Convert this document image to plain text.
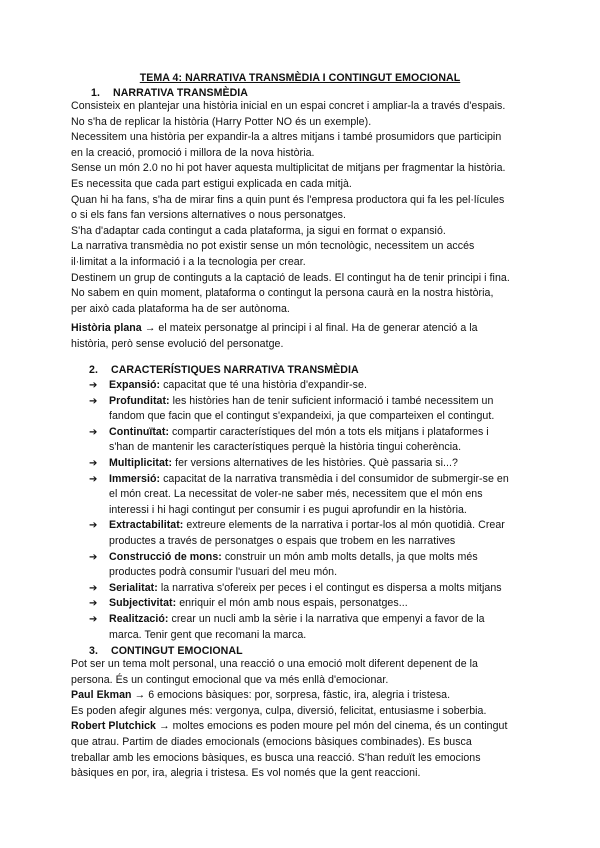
TEMA 4: NARRATIVA TRANSMÈDIA I CONTINGUT EMOCIONAL
1. NARRATIVA TRANSMÈDIA
Consisteix en plantejar una història inicial en un espai concret i ampliar-la a través d'espais.
No s'ha de replicar la història (Harry Potter NO és un exemple).
Necessitem una història per expandir-la a altres mitjans i també prosumidors que participin
en la creació, promoció i millora de la nova història.
Sense un món 2.0 no hi pot haver aquesta multiplicitat de mitjans per fragmentar la història.
Es necessita que cada part estigui explicada en cada mitjà.
Quan hi ha fans, s'ha de mirar fins a quin punt és l'empresa productora qui fa les pel·lícules
o si els fans fan versions alternatives o nous personatges.
S'ha d'adaptar cada contingut a cada plataforma, ja sigui en format o expansió.
La narrativa transmèdia no pot existir sense un món tecnològic, necessitem un accés
il·limitat a la informació i a la tecnologia per crear.
Destinem un grup de continguts a la captació de leads. El contingut ha de tenir principi i fina.
No sabem en quin moment, plataforma o contingut la persona caurà en la nostra història,
per això cada plataforma ha de ser autònoma.
Història plana → el mateix personatge al principi i al final. Ha de generar atenció a la
història, però sense evolució del personatge.
2. CARACTERÍSTIQUES NARRATIVA TRANSMÈDIA
➔ Expansió: capacitat que té una història d'expandir-se.
➔ Profunditat: les històries han de tenir suficient informació i també necessitem un
fandom que facin que el contingut s'expandeixi, ja que comparteixen el contingut.
➔ Continuïtat: compartir característiques del món a tots els mitjans i plataformes i
s'han de mantenir les característiques perquè la història tingui coherència.
➔ Multiplicitat: fer versions alternatives de les històries. Què passaria si...?
➔ Immersió: capacitat de la narrativa transmèdia i del consumidor de submergir-se en
el món creat. La necessitat de voler-ne saber més, necessitem que el món ens
interessi i hi hagi contingut per consumir i es pugui aprofundir en la història.
➔ Extractabilitat: extreure elements de la narrativa i portar-los al món quotidià. Crear
productes a través de personatges o espais que trobem en les narratives
➔ Construcció de mons: construir un món amb molts detalls, ja que molts més
productes podrà consumir l'usuari del meu món.
➔ Serialitat: la narrativa s'ofereix per peces i el contingut es dispersa a molts mitjans
➔ Subjectivitat: enriquir el món amb nous espais, personatges...
➔ Realització: crear un nucli amb la sèrie i la narrativa que empenyi a favor de la
marca. Tenir gent que recomani la marca.
3. CONTINGUT EMOCIONAL
Pot ser un tema molt personal, una reacció o una emoció molt diferent depenent de la
persona. És un contingut emocional que va més enllà d'emocionar.
Paul Ekman → 6 emocions bàsiques: por, sorpresa, fàstic, ira, alegria i tristesa.
Es poden afegir algunes més: vergonya, culpa, diversió, felicitat, entusiasme i soberbia.
Robert Plutchick → moltes emocions es poden moure pel món del cinema, és un contingut
que atrau. Partim de diades emocionals (emocions bàsiques combinades). Es busca
treballar amb les emocions bàsiques, es busca una reacció. S'han reduït les emocions
bàsiques en por, ira, alegria i tristesa. Es vol només que la gent reaccioni.
